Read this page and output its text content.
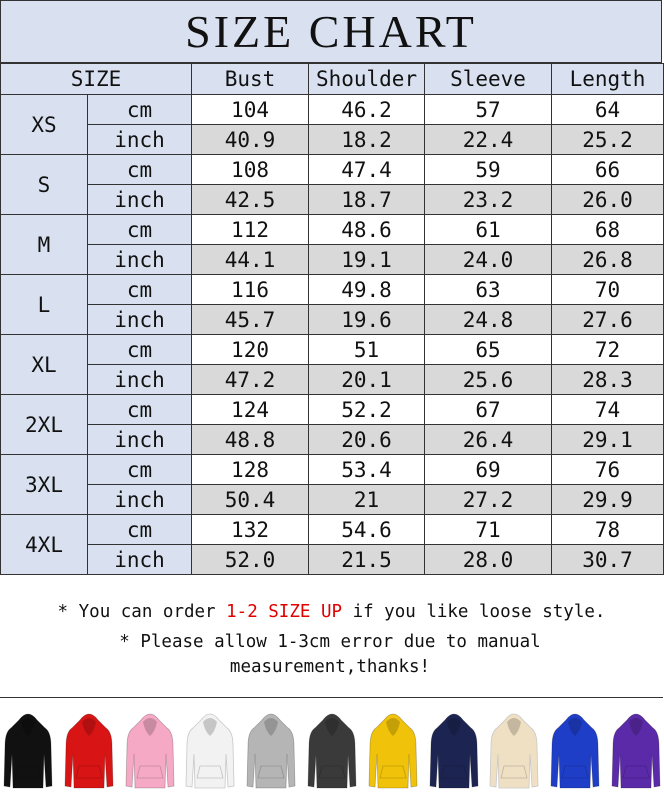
SIZE CHART
SIZE		Bust	Shoulder	Sleeve	Length
XS	cm	104	46.2	57	64
	inch	40.9	18.2	22.4	25.2
S	cm	108	47.4	59	66
	inch	42.5	18.7	23.2	26.0
M	cm	112	48.6	61	68
	inch	44.1	19.1	24.0	26.8
L	cm	116	49.8	63	70
	inch	45.7	19.6	24.8	27.6
XL	cm	120	51	65	72
	inch	47.2	20.1	25.6	28.3
2XL	cm	124	52.2	67	74
	inch	48.8	20.6	26.4	29.1
3XL	cm	128	53.4	69	76
	inch	50.4	21	27.2	29.9
4XL	cm	132	54.6	71	78
	inch	52.0	21.5	28.0	30.7
* You can order 1-2 SIZE UP if you like loose style.
* Please allow 1-3cm error due to manual measurement,thanks!
